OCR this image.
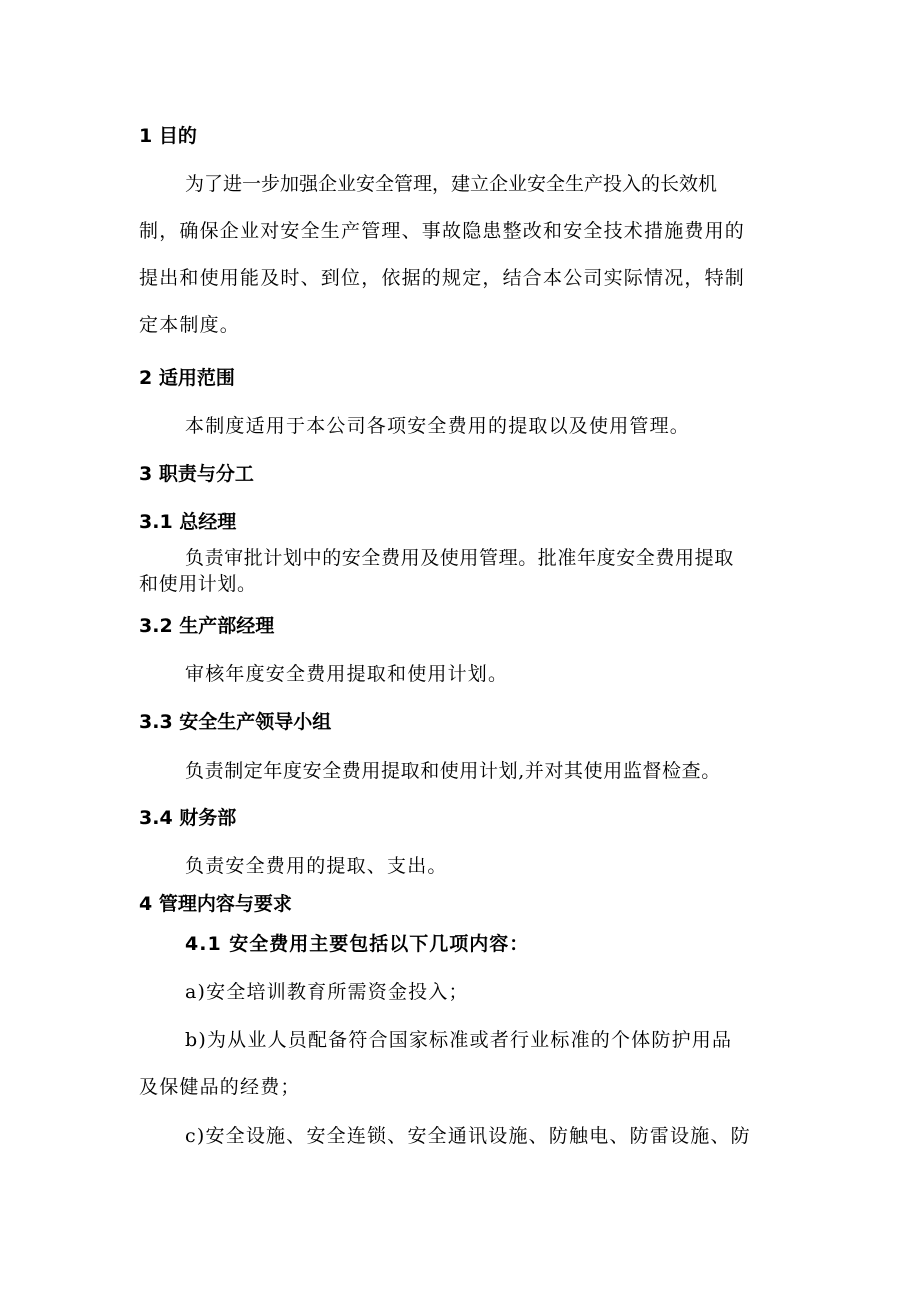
1 目的
为了进一步加强企业安全管理，建立企业安全生产投入的长效机
制，确保企业对安全生产管理、事故隐患整改和安全技术措施费用的
提出和使用能及时、到位，依据的规定，结合本公司实际情况，特制
定本制度。
2 适用范围
本制度适用于本公司各项安全费用的提取以及使用管理。
3 职责与分工
3.1 总经理
负责审批计划中的安全费用及使用管理。批准年度安全费用提取
和使用计划。
3.2 生产部经理
审核年度安全费用提取和使用计划。
3.3 安全生产领导小组
负责制定年度安全费用提取和使用计划,并对其使用监督检查。
3.4 财务部
负责安全费用的提取、支出。
4 管理内容与要求
4.1 安全费用主要包括以下几项内容：
a)安全培训教育所需资金投入；
b)为从业人员配备符合国家标准或者行业标准的个体防护用品
及保健品的经费；
c)安全设施、安全连锁、安全通讯设施、防触电、防雷设施、防
